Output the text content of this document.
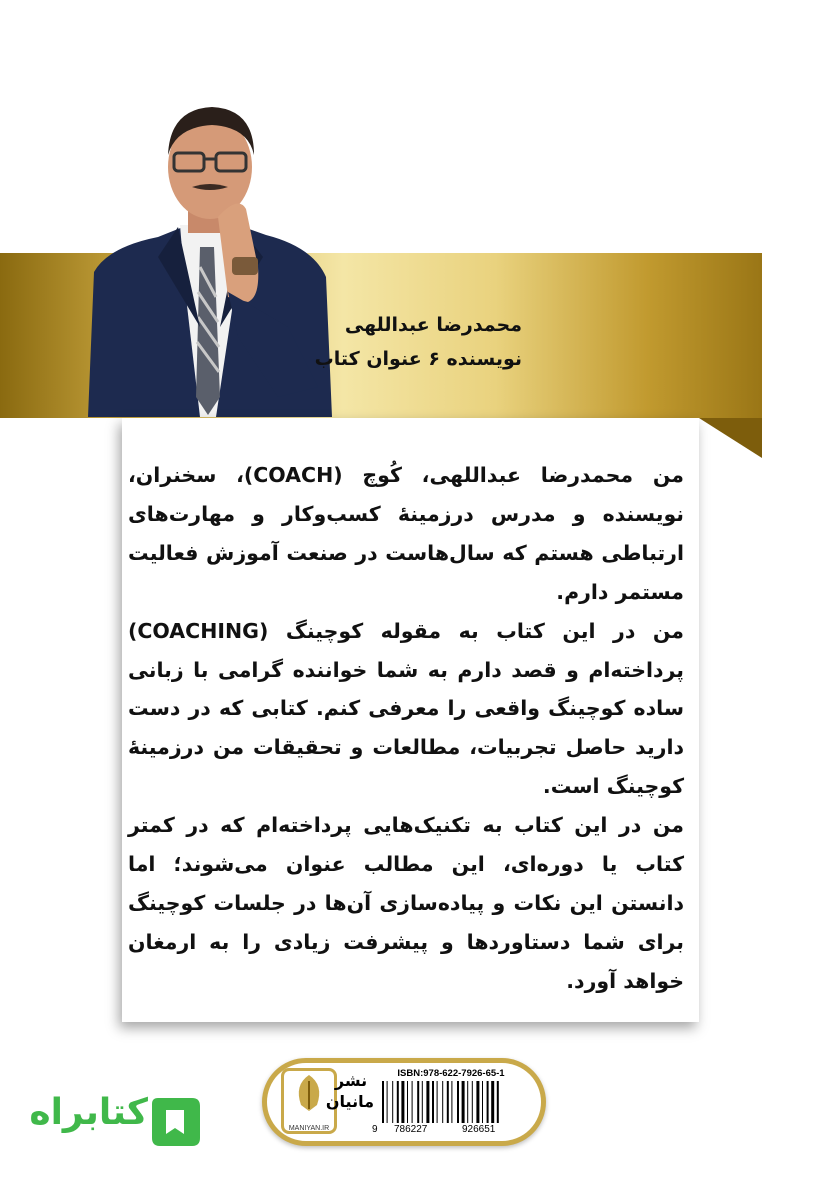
محمدرضا عبداللهی
نویسنده ۶ عنوان کتاب

من محمدرضا عبداللهی، کُوچ (COACH)، سخنران، نویسنده و مدرس درزمینهٔ کسب‌وکار و مهارت‌های ارتباطی هستم که سال‌هاست در صنعت آموزش فعالیت مستمر دارم.

من در این کتاب به مقوله کوچینگ (COACHING) پرداخته‌ام و قصد دارم به شما خواننده گرامی با زبانی ساده کوچینگ واقعی را معرفی کنم. کتابی که در دست دارید حاصل تجربیات، مطالعات و تحقیقات من درزمینهٔ کوچینگ است.

من در این کتاب به تکنیک‌هایی پرداخته‌ام که در کمتر کتاب یا دوره‌ای، این مطالب عنوان می‌شوند؛ اما دانستن این نکات و پیاده‌سازی آن‌ها در جلسات کوچینگ برای شما دستاوردها و پیشرفت زیادی را به ارمغان خواهد آورد.

MANIYAN.IR
نشر
مانیان
ISBN:978-622-7926-65-1
9 786227	926651
کتابراه
